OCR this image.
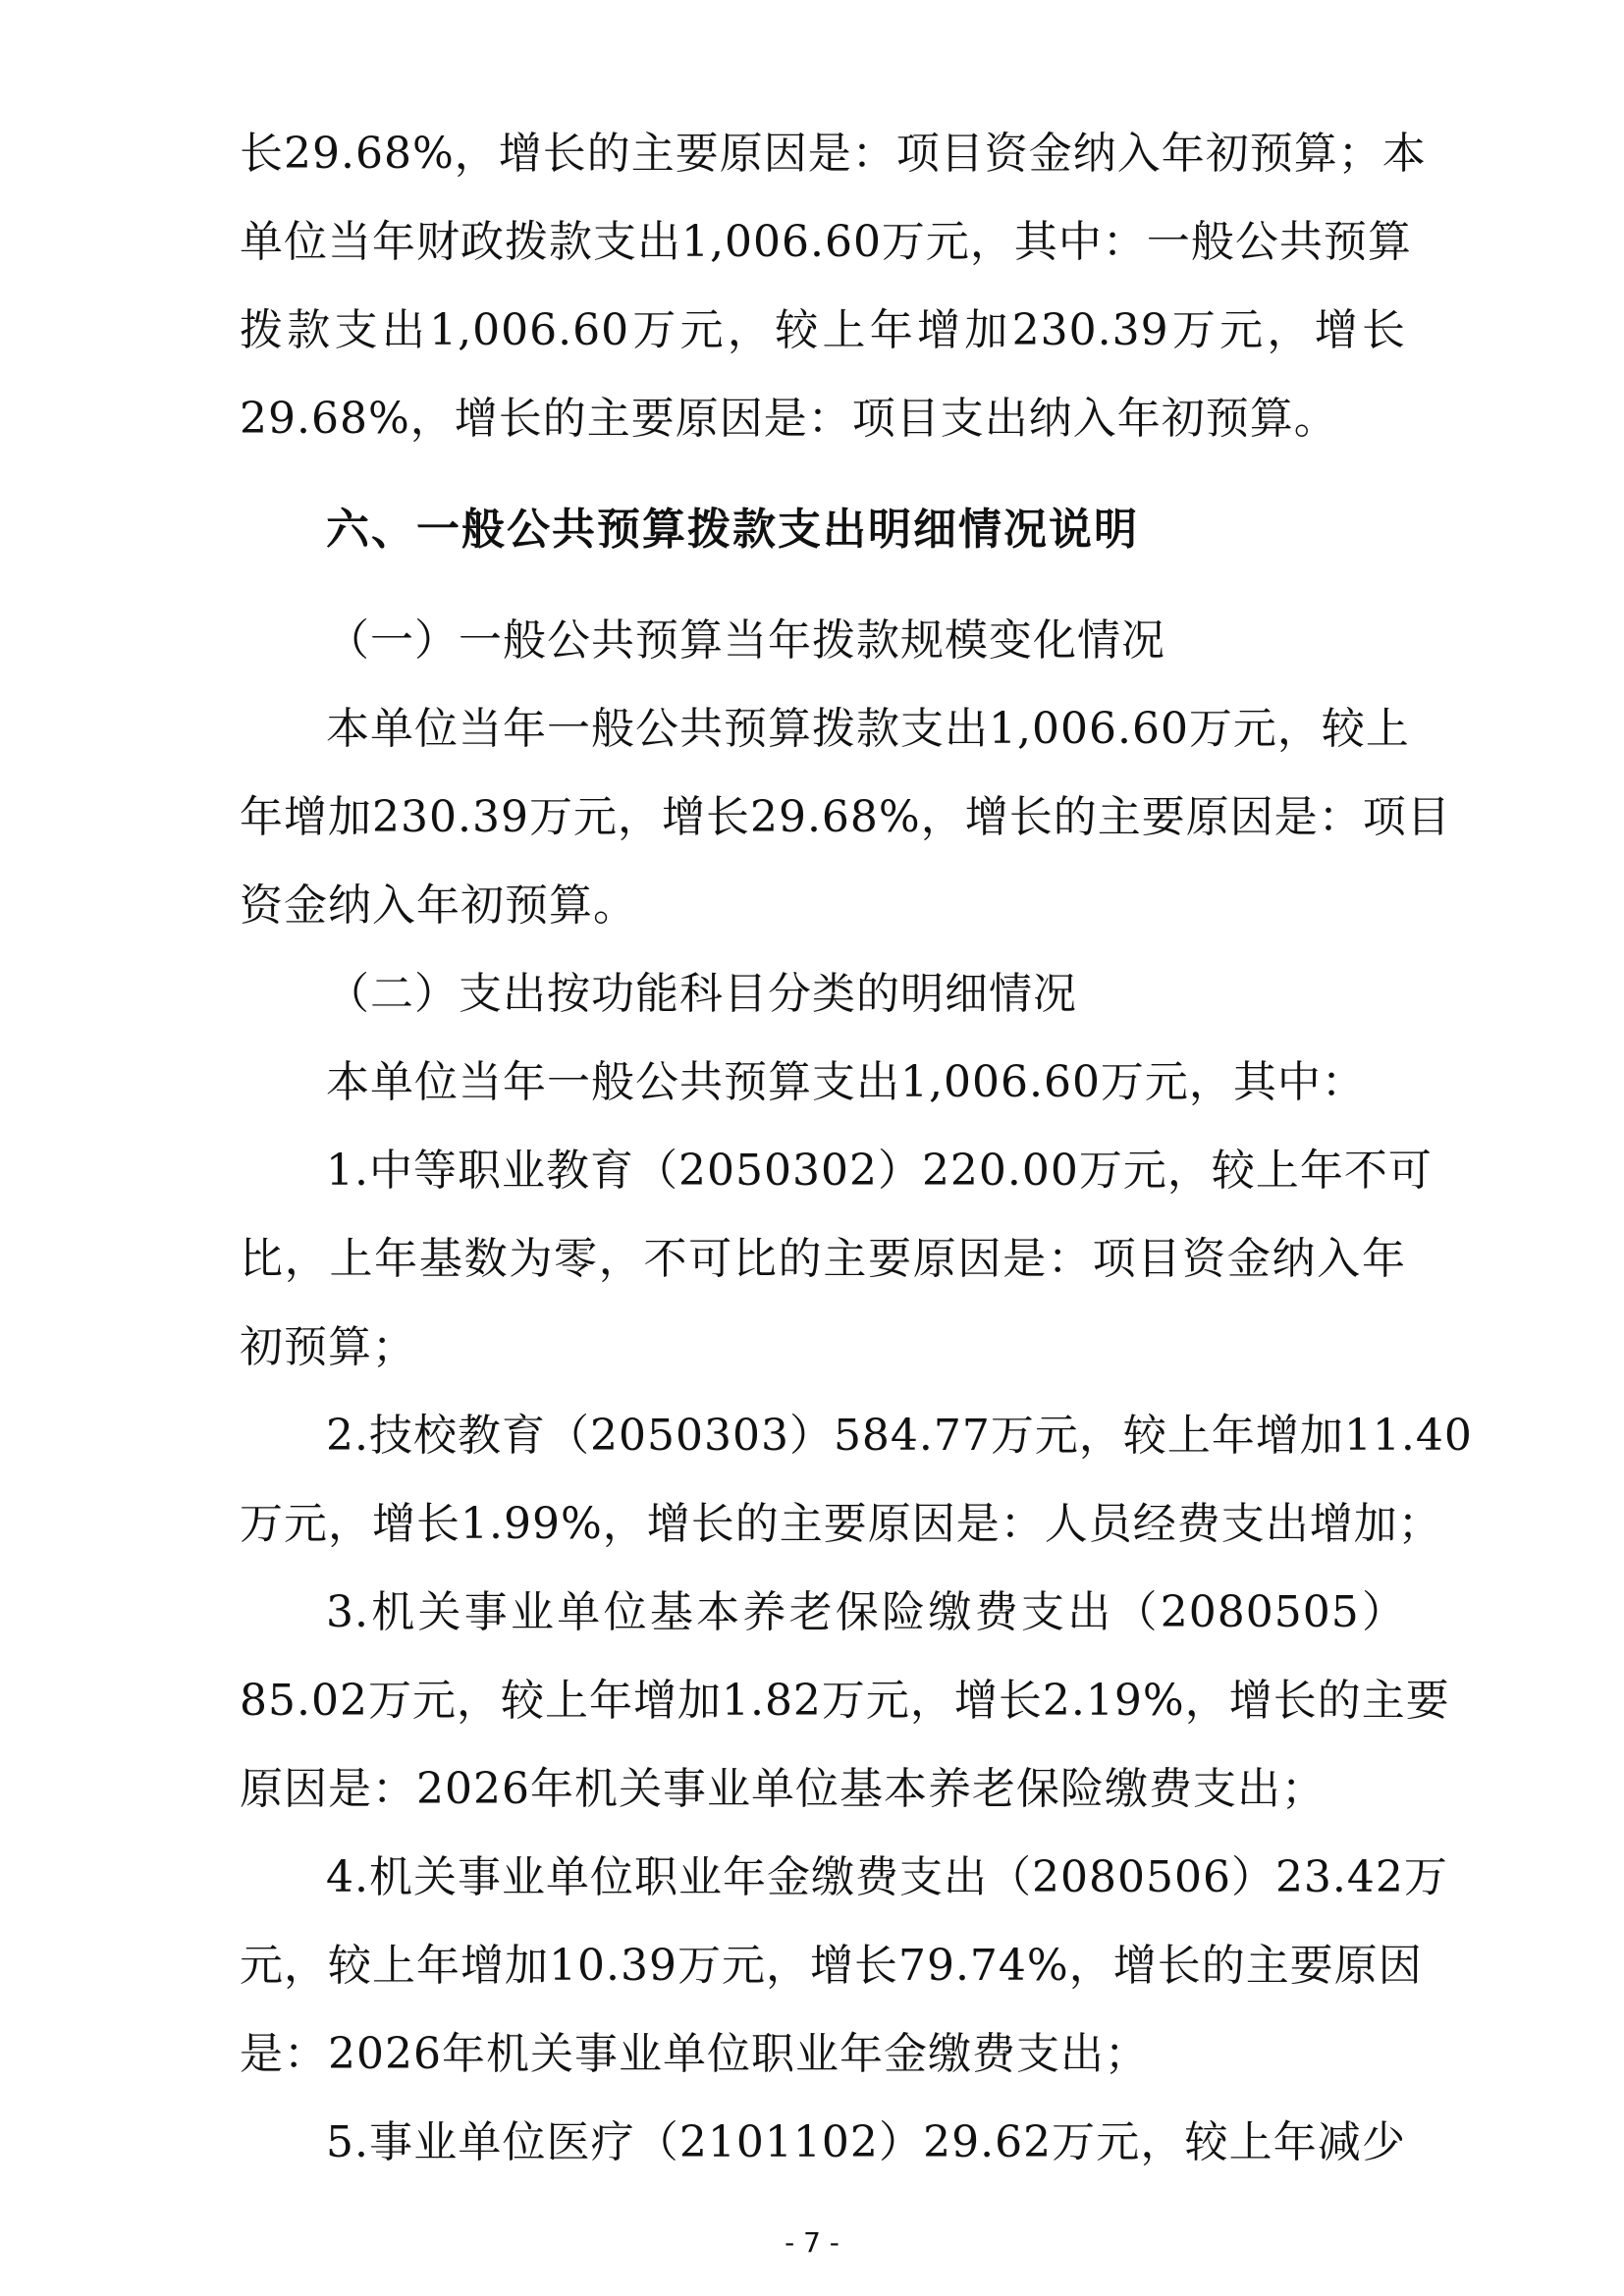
长29.68%，增长的主要原因是：项目资金纳入年初预算；本
单位当年财政拨款支出1,006.60万元，其中：一般公共预算
拨款支出1,006.60万元，较上年增加230.39万元，增长
29.68%，增长的主要原因是：项目支出纳入年初预算。
六、一般公共预算拨款支出明细情况说明
（一）一般公共预算当年拨款规模变化情况
本单位当年一般公共预算拨款支出1,006.60万元，较上
年增加230.39万元，增长29.68%，增长的主要原因是：项目
资金纳入年初预算。
（二）支出按功能科目分类的明细情况
本单位当年一般公共预算支出1,006.60万元，其中：
1.中等职业教育（2050302）220.00万元，较上年不可
比，上年基数为零，不可比的主要原因是：项目资金纳入年
初预算；
2.技校教育（2050303）584.77万元，较上年增加11.40
万元，增长1.99%，增长的主要原因是：人员经费支出增加；
3.机关事业单位基本养老保险缴费支出（2080505）
85.02万元，较上年增加1.82万元，增长2.19%，增长的主要
原因是：2026年机关事业单位基本养老保险缴费支出；
4.机关事业单位职业年金缴费支出（2080506）23.42万
元，较上年增加10.39万元，增长79.74%，增长的主要原因
是：2026年机关事业单位职业年金缴费支出；
5.事业单位医疗（2101102）29.62万元，较上年减少
- 7 -
